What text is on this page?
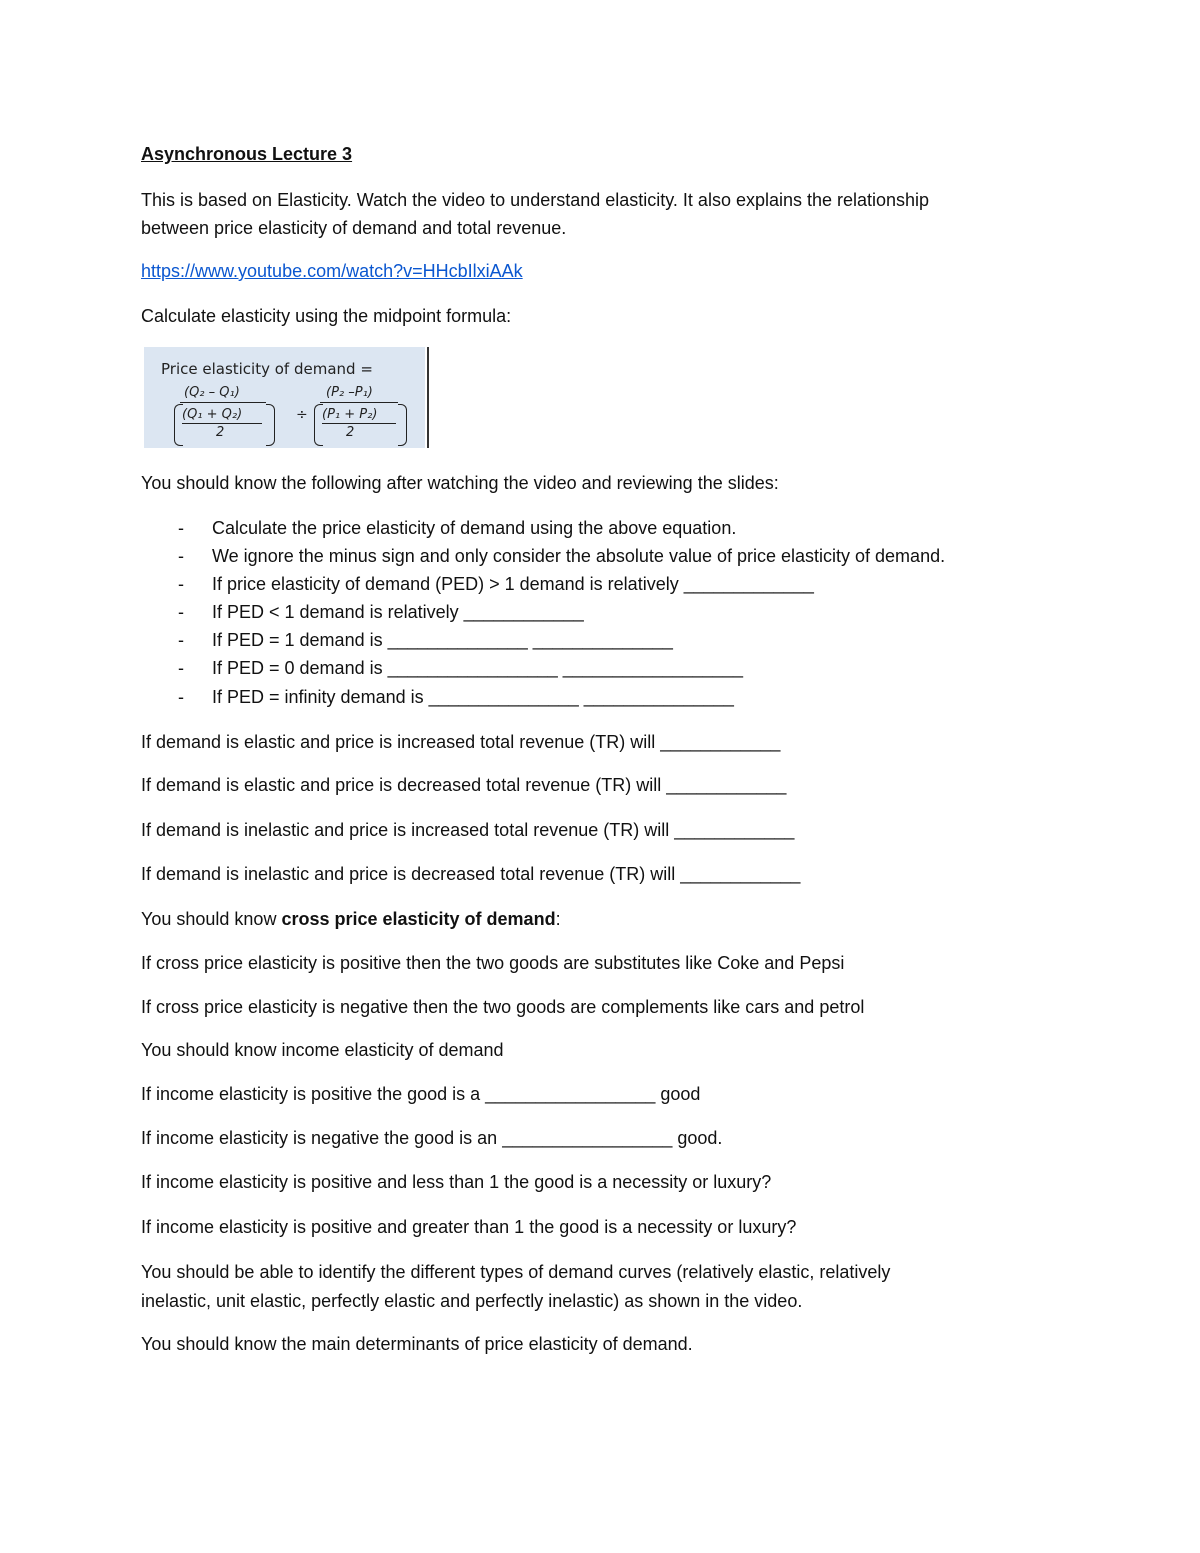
Asynchronous Lecture 3
This is based on Elasticity. Watch the video to understand elasticity. It also explains the relationship
between price elasticity of demand and total revenue.
https://www.youtube.com/watch?v=HHcbIlxiAAk
Calculate elasticity using the midpoint formula:
Price elasticity of demand =
(Q₂ – Q₁)
(Q₁ + Q₂)
2
÷
(P₂ –P₁)
(P₁ + P₂)
2
You should know the following after watching the video and reviewing the slides:
- Calculate the price elasticity of demand using the above equation.
- We ignore the minus sign and only consider the absolute value of price elasticity of demand.
- If price elasticity of demand (PED) > 1 demand is relatively _____________
- If PED < 1 demand is relatively ____________
- If PED = 1 demand is ______________ ______________
- If PED = 0 demand is _________________ __________________
- If PED = infinity demand is _______________ _______________
If demand is elastic and price is increased total revenue (TR) will ____________
If demand is elastic and price is decreased total revenue (TR) will ____________
If demand is inelastic and price is increased total revenue (TR) will ____________
If demand is inelastic and price is decreased total revenue (TR) will ____________
You should know cross price elasticity of demand:
If cross price elasticity is positive then the two goods are substitutes like Coke and Pepsi
If cross price elasticity is negative then the two goods are complements like cars and petrol
You should know income elasticity of demand
If income elasticity is positive the good is a _________________ good
If income elasticity is negative the good is an _________________ good.
If income elasticity is positive and less than 1 the good is a necessity or luxury?
If income elasticity is positive and greater than 1 the good is a necessity or luxury?
You should be able to identify the different types of demand curves (relatively elastic, relatively
inelastic, unit elastic, perfectly elastic and perfectly inelastic) as shown in the video.
You should know the main determinants of price elasticity of demand.
